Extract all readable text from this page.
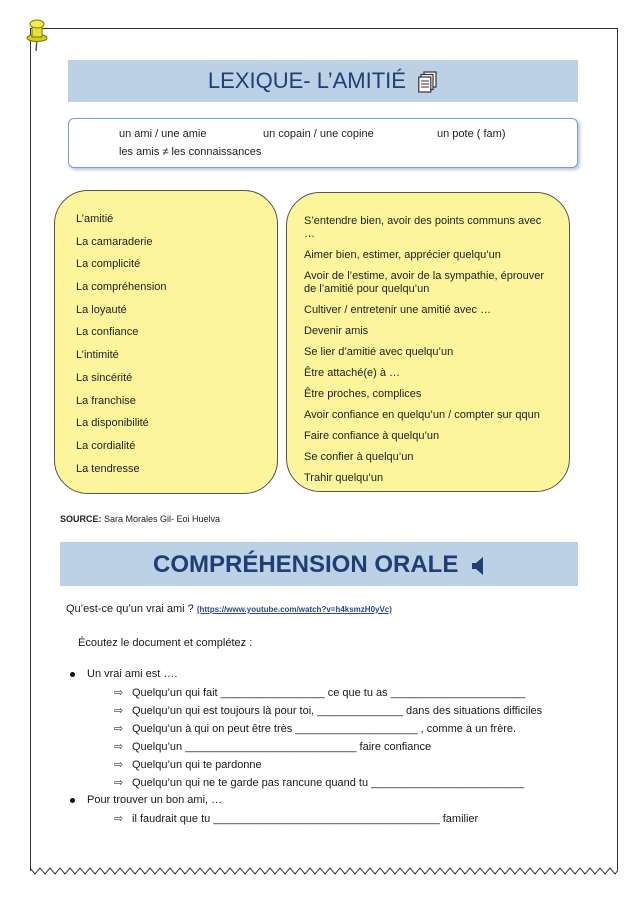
LEXIQUE- L’AMITIÉ
un ami / une amie	un copain / une copine	un pote ( fam)
les amis ≠ les connaissances
L’amitié
La camaraderie
La complicité
La compréhension
La loyauté
La confiance
L’intimité
La sincérité
La franchise
La disponibilité
La cordialité
La tendresse
S’entendre bien, avoir des points communs avec …
Aimer bien, estimer, apprécier quelqu’un
Avoir de l’estime, avoir de la sympathie, éprouver de l’amitié pour quelqu’un
Cultiver / entretenir une amitié avec …
Devenir amis
Se lier d’amitié avec quelqu’un
Être attaché(e) à …
Être proches, complices
Avoir confiance en quelqu’un / compter sur qqun
Faire confiance à quelqu’un
Se confier à quelqu’un
Trahir quelqu’un
SOURCE: Sara Morales Gil- Eoi Huelva
COMPRÉHENSION ORALE
Qu’est-ce qu’un vrai ami ? (https://www.youtube.com/watch?v=h4ksmzH0yVc)
Écoutez le document et complétez :
Un vrai ami est ….
⇨ Quelqu’un qui fait _________________ ce que tu as ______________________
⇨ Quelqu’un qui est toujours là pour toi, ______________ dans des situations difficiles
⇨ Quelqu’un à qui on peut être très ____________________ , comme à un frère.
⇨ Quelqu’un ____________________________ faire confiance
⇨ Quelqu’un qui te pardonne
⇨ Quelqu’un qui ne te garde pas rancune quand tu _________________________
Pour trouver un bon ami, …
⇨ il faudrait que tu _____________________________________ familier
